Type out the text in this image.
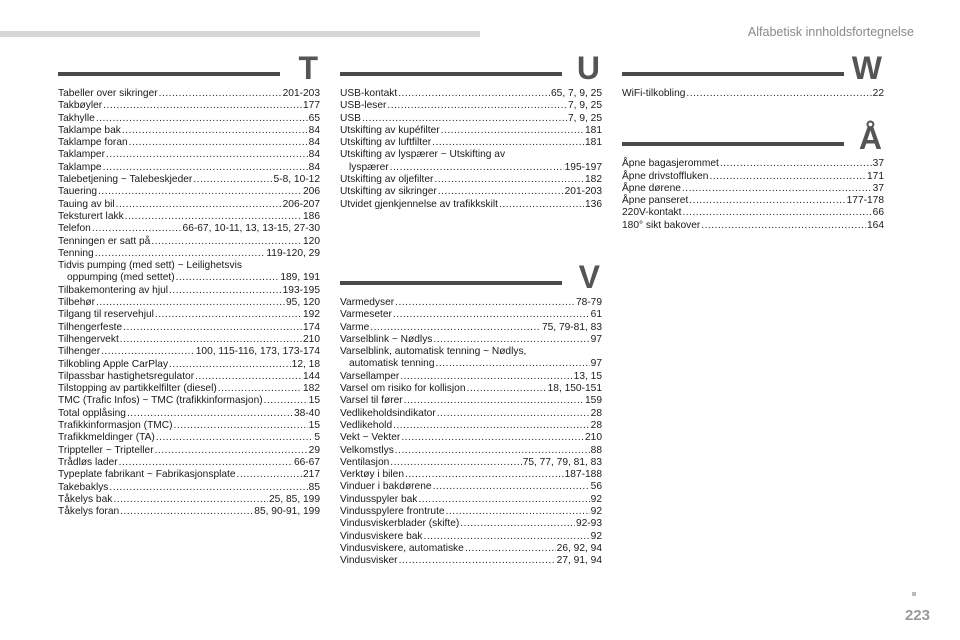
Alfabetisk innholdsfortegnelse
T
Tabeller over sikringer .....	201-203
Takbøyler .....	177
Takhylle .....	65
Taklampe bak .....	84
Taklampe foran .....	84
Taklamper .....	84
Taklampe .....	84
Talebetjening ~ Talebeskjeder .....	5-8, 10-12
Tauering .....	206
Tauing av bil .....	206-207
Teksturert lakk .....	186
Telefon .....	66-67, 10-11, 13, 13-15, 27-30
Tenningen er satt på .....	120
Tenning .....	119-120, 29
Tidvis pumping (med sett) ~ Leilighetsvis
oppumping (med settet) .....	189, 191
Tilbakemontering av hjul .....	193-195
Tilbehør .....	95, 120
Tilgang til reservehjul .....	192
Tilhengerfeste .....	174
Tilhengervekt .....	210
Tilhenger .....	100, 115-116, 173, 173-174
Tilkobling Apple CarPlay .....	12, 18
Tilpassbar hastighetsregulator .....	144
Tilstopping av partikkelfilter (diesel) .....	182
TMC (Trafic Infos) ~ TMC (trafikkinformasjon) .....	15
Total opplåsing .....	38-40
Trafikkinformasjon (TMC) .....	15
Trafikkmeldinger (TA) .....	5
Trippteller ~ Tripteller .....	29
Trådløs lader .....	66-67
Typeplate fabrikant ~ Fabrikasjonsplate .....	217
Takebaklys .....	85
Tåkelys bak .....	25, 85, 199
Tåkelys foran .....	85, 90-91, 199
U
USB-kontakt .....	65, 7, 9, 25
USB-leser .....	7, 9, 25
USB .....	7, 9, 25
Utskifting av kupéfilter .....	181
Utskifting av luftfilter .....	181
Utskifting av lyspærer ~ Utskifting av
lyspærer .....	195-197
Utskifting av oljefilter .....	182
Utskifting av sikringer .....	201-203
Utvidet gjenkjennelse av trafikkskilt .....	136
V
Varmedyser .....	78-79
Varmeseter .....	61
Varme .....	75, 79-81, 83
Varselblink ~ Nødlys .....	97
Varselblink, automatisk tenning ~ Nødlys,
automatisk tenning .....	97
Varsellamper .....	13, 15
Varsel om risiko for kollisjon .....	18, 150-151
Varsel til fører .....	159
Vedlikeholdsindikator .....	28
Vedlikehold .....	28
Vekt ~ Vekter .....	210
Velkomstlys .....	88
Ventilasjon .....	75, 77, 79, 81, 83
Verktøy i bilen .....	187-188
Vinduer i bakdørene .....	56
Vindusspyler bak .....	92
Vindusspylere frontrute .....	92
Vindusviskerblader (skifte) .....	92-93
Vindusviskere bak .....	92
Vindusviskere, automatiske .....	26, 92, 94
Vindusvisker .....	27, 91, 94
W
WiFi-tilkobling .....	22
Å
Åpne bagasjerommet .....	37
Åpne drivstoffluken .....	171
Åpne dørene .....	37
Åpne panseret .....	177-178
220V-kontakt .....	66
180° sikt bakover .....	164
223
